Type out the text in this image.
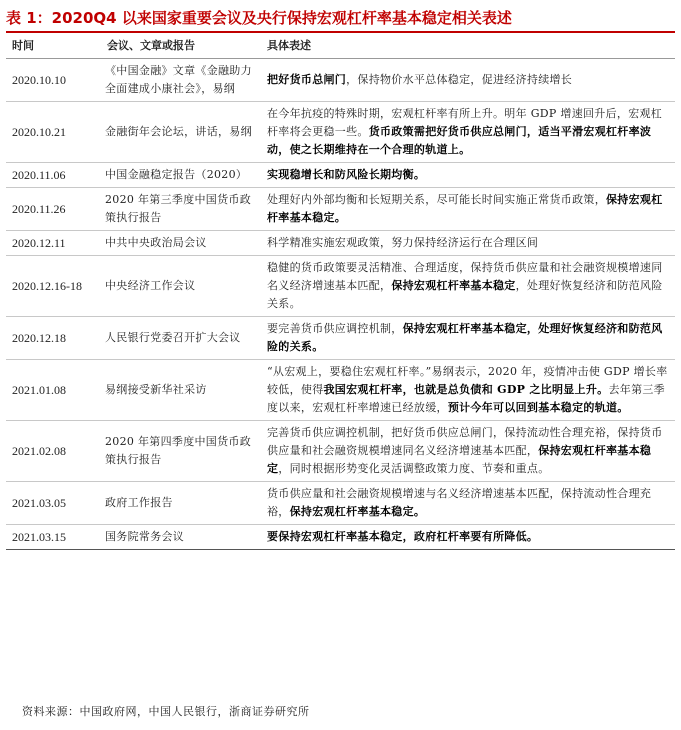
表 1：2020Q4 以来国家重要会议及央行保持宏观杠杆率基本稳定相关表述
时间	会议、文章或报告	具体表述
2020.10.10	《中国金融》文章《金融助力全面建成小康社会》，易纲	把好货币总闸门，保持物价水平总体稳定，促进经济持续增长
2020.10.21	金融街年会论坛，讲话，易纲	在今年抗疫的特殊时期，宏观杠杆率有所上升。明年 GDP 增速回升后，宏观杠杆率将会更稳一些。货币政策需把好货币供应总闸门，适当平滑宏观杠杆率波动，使之长期维持在一个合理的轨道上。
2020.11.06	中国金融稳定报告（2020）	实现稳增长和防风险长期均衡。
2020.11.26	2020 年第三季度中国货币政策执行报告	处理好内外部均衡和长短期关系，尽可能长时间实施正常货币政策，保持宏观杠杆率基本稳定。
2020.12.11	中共中央政治局会议	科学精准实施宏观政策，努力保持经济运行在合理区间
2020.12.16-18	中央经济工作会议	稳健的货币政策要灵活精准、合理适度，保持货币供应量和社会融资规模增速同名义经济增速基本匹配，保持宏观杠杆率基本稳定，处理好恢复经济和防范风险关系。
2020.12.18	人民银行党委召开扩大会议	要完善货币供应调控机制，保持宏观杠杆率基本稳定，处理好恢复经济和防范风险的关系。
2021.01.08	易纲接受新华社采访	“从宏观上，要稳住宏观杠杆率。”易纲表示，2020 年，疫情冲击使 GDP 增长率较低，使得我国宏观杠杆率，也就是总负债和 GDP 之比明显上升。去年第三季度以来，宏观杠杆率增速已经放缓，预计今年可以回到基本稳定的轨道。
2021.02.08	2020 年第四季度中国货币政策执行报告	完善货币供应调控机制，把好货币供应总闸门，保持流动性合理充裕，保持货币供应量和社会融资规模增速同名义经济增速基本匹配，保持宏观杠杆率基本稳定，同时根据形势变化灵活调整政策力度、节奏和重点。
2021.03.05	政府工作报告	货币供应量和社会融资规模增速与名义经济增速基本匹配，保持流动性合理充裕，保持宏观杠杆率基本稳定。
2021.03.15	国务院常务会议	要保持宏观杠杆率基本稳定，政府杠杆率要有所降低。
资料来源：中国政府网，中国人民银行，浙商证券研究所
